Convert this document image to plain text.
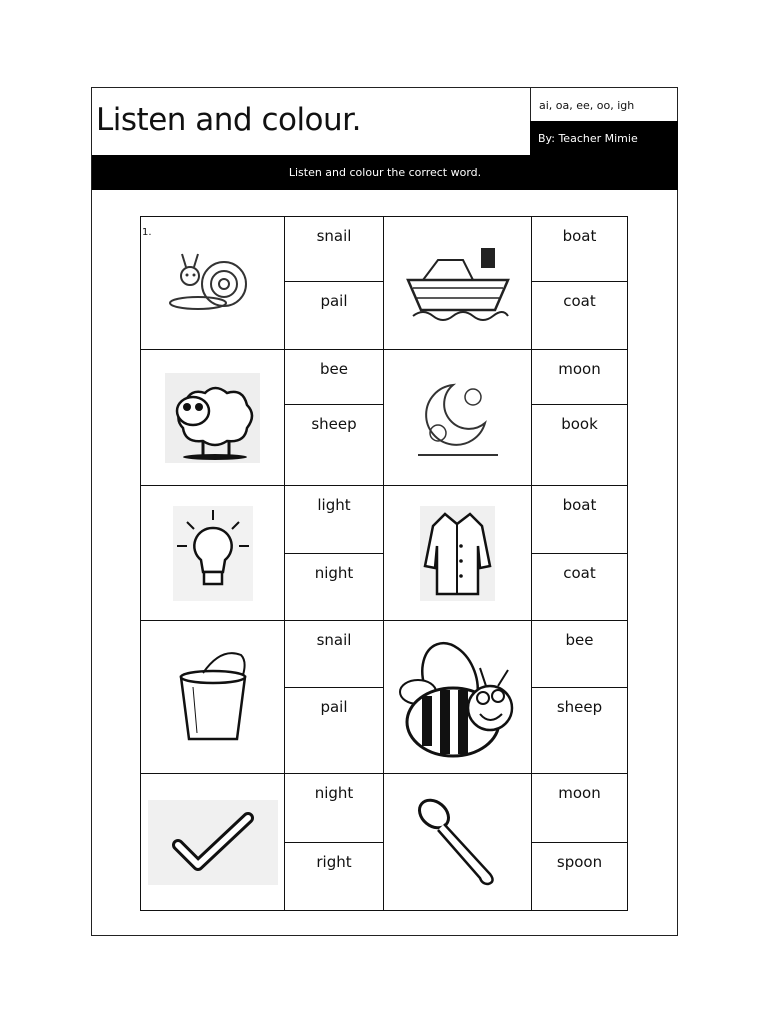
Listen and colour.	ai, oa, ee, oo, igh
By: Teacher Mimie
Listen and colour the correct word.
1.	snail		boat

	pail		coat

bee		moon

	sheep		book

light		boat

	night		coat

snail		bee

	pail		sheep

night		moon

	right		spoon
